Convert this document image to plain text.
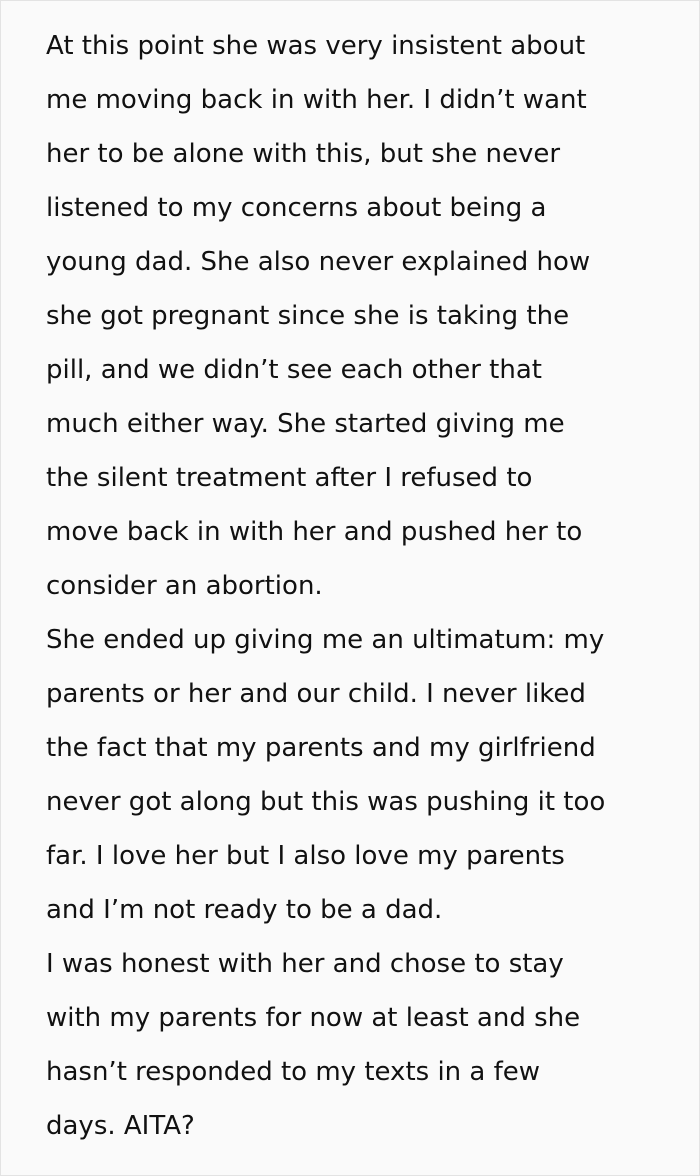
At this point she was very insistent about
me moving back in with her. I didn’t want
her to be alone with this, but she never
listened to my concerns about being a
young dad. She also never explained how
she got pregnant since she is taking the
pill, and we didn’t see each other that
much either way. She started giving me
the silent treatment after I refused to
move back in with her and pushed her to
consider an abortion.
She ended up giving me an ultimatum: my
parents or her and our child. I never liked
the fact that my parents and my girlfriend
never got along but this was pushing it too
far. I love her but I also love my parents
and I’m not ready to be a dad.
I was honest with her and chose to stay
with my parents for now at least and she
hasn’t responded to my texts in a few
days. AITA?
